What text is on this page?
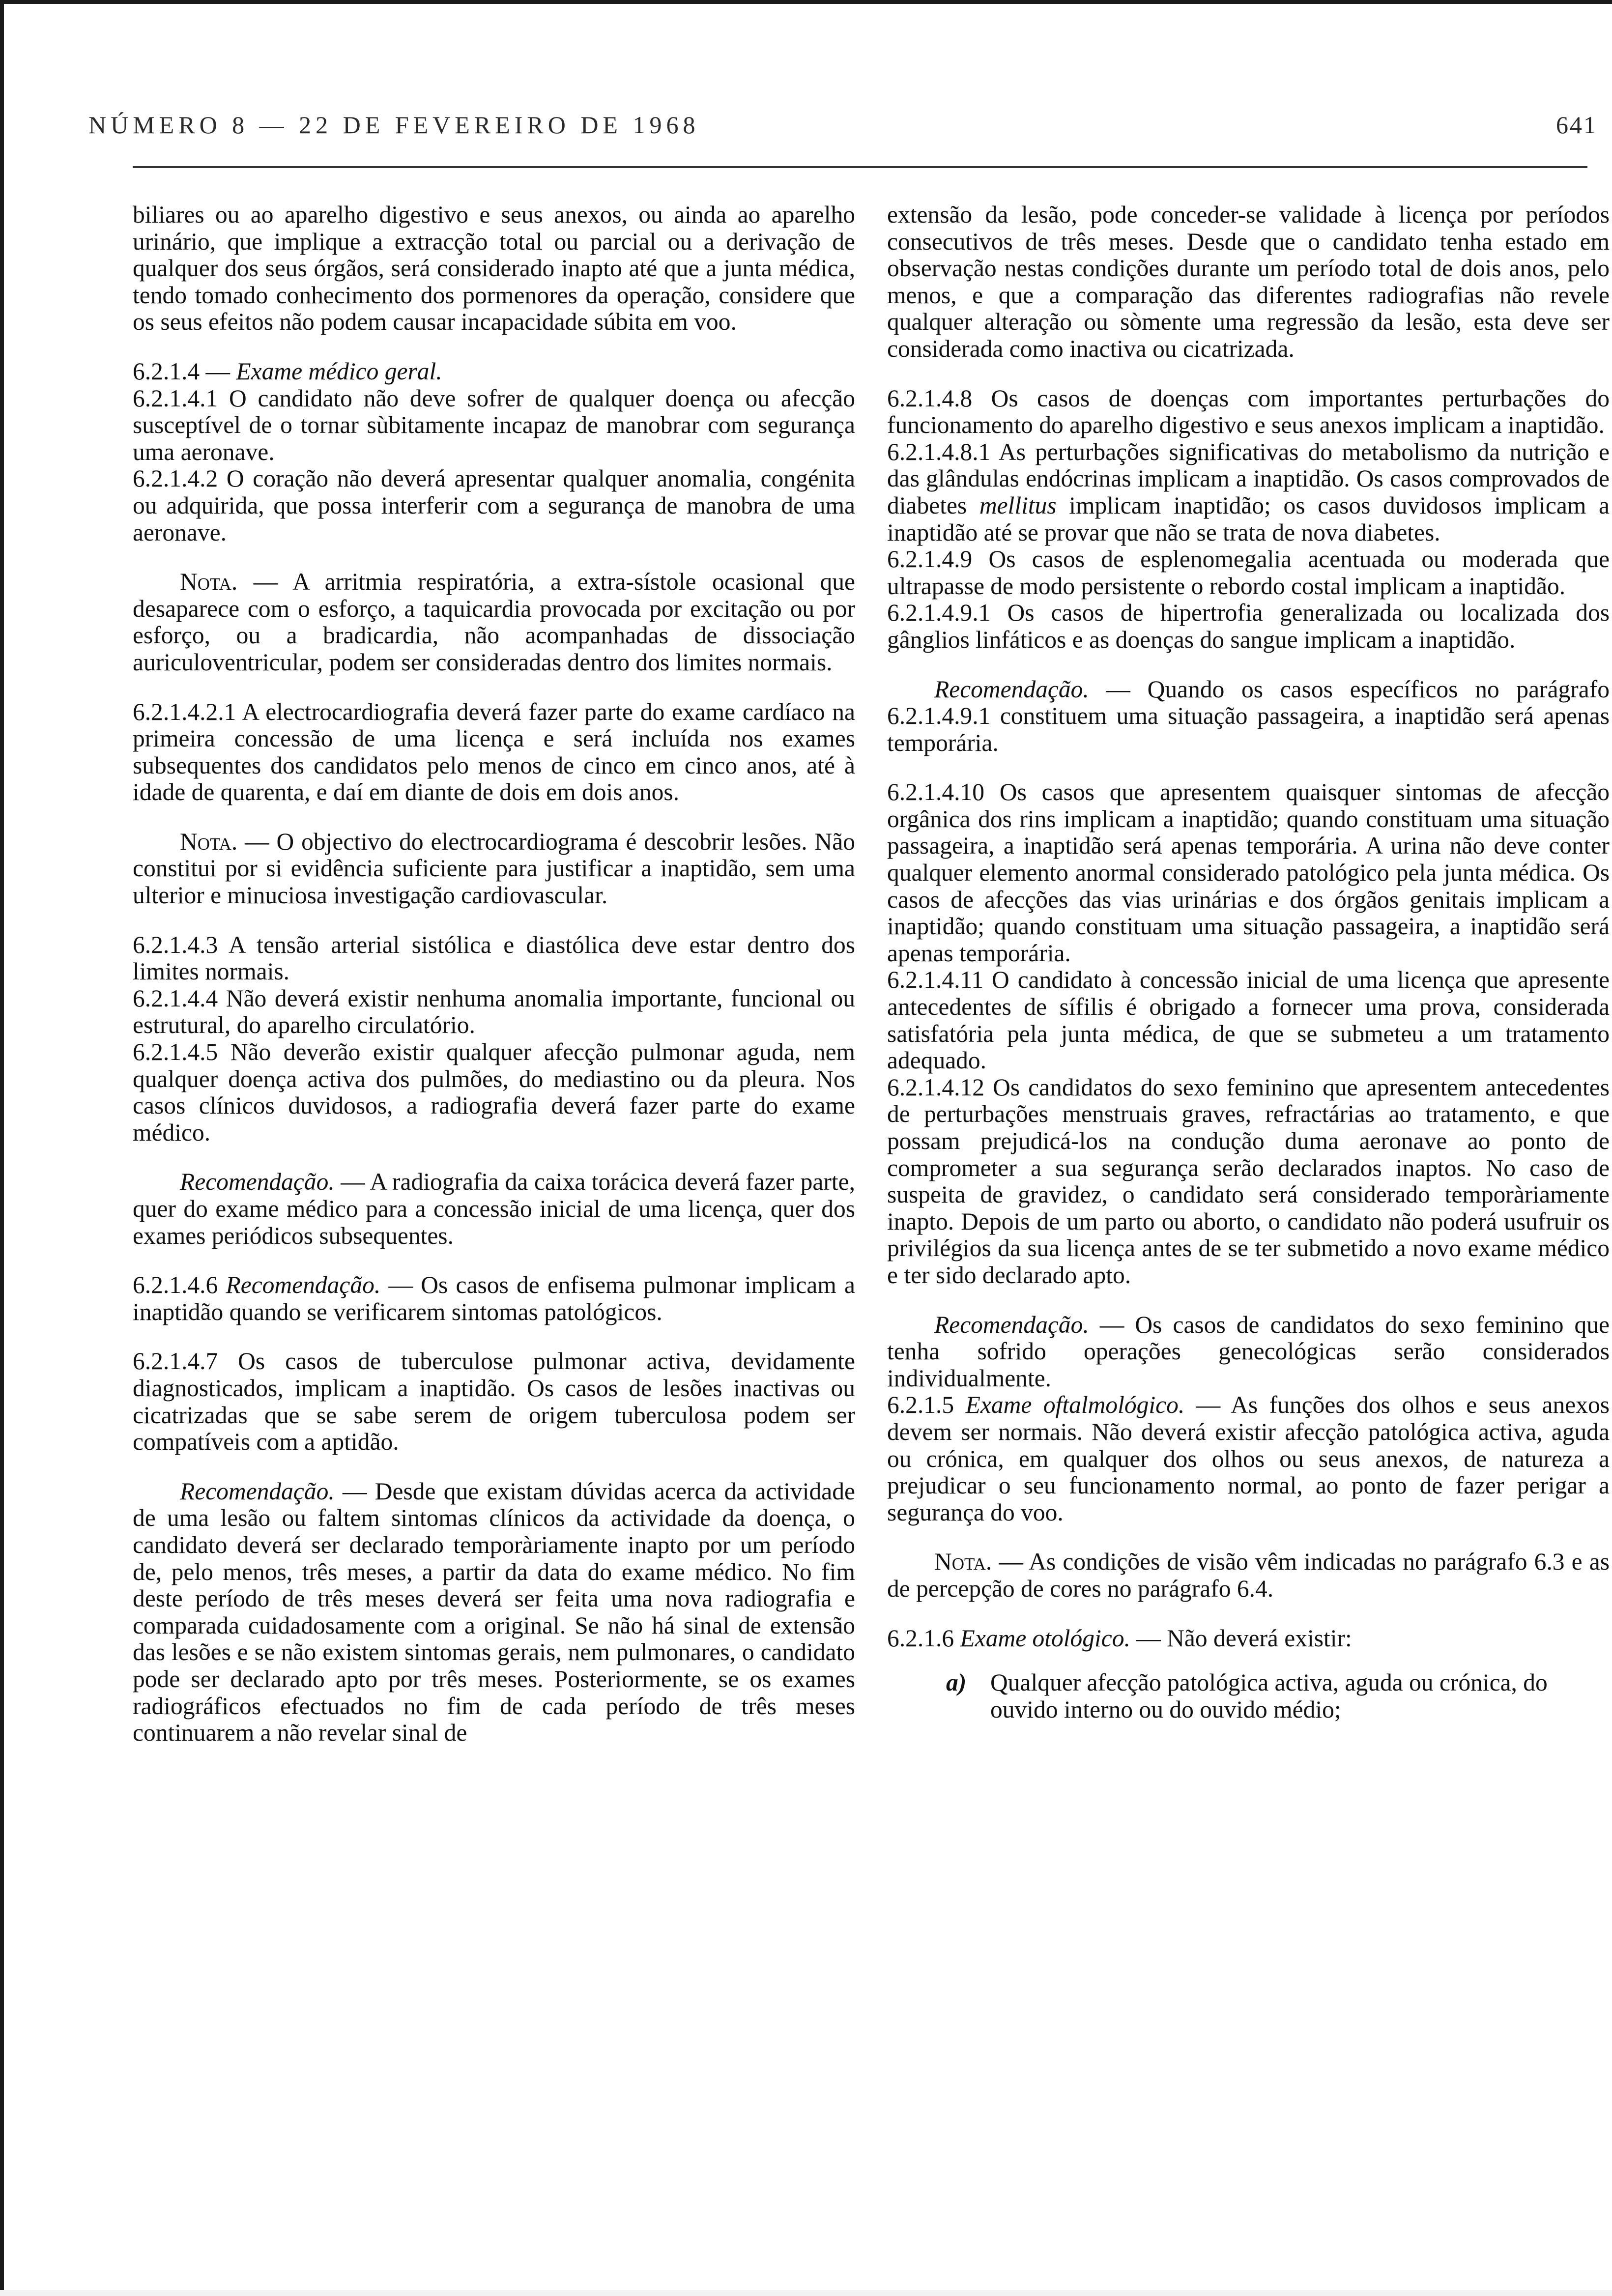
NÚMERO 8 — 22 DE FEVEREIRO DE 1968	641

biliares ou ao aparelho digestivo e seus anexos, ou ainda ao aparelho urinário, que implique a extracção total ou parcial ou a derivação de qualquer dos seus órgãos, será considerado inapto até que a junta médica, tendo tomado conhecimento dos pormenores da operação, considere que os seus efeitos não podem causar incapacidade súbita em voo.

6.2.1.4 — Exame médico geral.

6.2.1.4.1 O candidato não deve sofrer de qualquer doença ou afecção susceptível de o tornar sùbitamente incapaz de manobrar com segurança uma aeronave.

6.2.1.4.2 O coração não deverá apresentar qualquer anomalia, congénita ou adquirida, que possa interferir com a segurança de manobra de uma aeronave.

Nota. — A arritmia respiratória, a extra-sístole ocasional que desaparece com o esforço, a taquicardia provocada por excitação ou por esforço, ou a bradicardia, não acompanhadas de dissociação auriculoventricular, podem ser consideradas dentro dos limites normais.

6.2.1.4.2.1 A electrocardiografia deverá fazer parte do exame cardíaco na primeira concessão de uma licença e será incluída nos exames subsequentes dos candidatos pelo menos de cinco em cinco anos, até à idade de quarenta, e daí em diante de dois em dois anos.

Nota. — O objectivo do electrocardiograma é descobrir lesões. Não constitui por si evidência suficiente para justificar a inaptidão, sem uma ulterior e minuciosa investigação cardiovascular.

6.2.1.4.3 A tensão arterial sistólica e diastólica deve estar dentro dos limites normais.

6.2.1.4.4 Não deverá existir nenhuma anomalia importante, funcional ou estrutural, do aparelho circulatório.

6.2.1.4.5 Não deverão existir qualquer afecção pulmonar aguda, nem qualquer doença activa dos pulmões, do mediastino ou da pleura. Nos casos clínicos duvidosos, a radiografia deverá fazer parte do exame médico.

Recomendação. — A radiografia da caixa torácica deverá fazer parte, quer do exame médico para a concessão inicial de uma licença, quer dos exames periódicos subsequentes.

6.2.1.4.6 Recomendação. — Os casos de enfisema pulmonar implicam a inaptidão quando se verificarem sintomas patológicos.

6.2.1.4.7 Os casos de tuberculose pulmonar activa, devidamente diagnosticados, implicam a inaptidão. Os casos de lesões inactivas ou cicatrizadas que se sabe serem de origem tuberculosa podem ser compatíveis com a aptidão.

Recomendação. — Desde que existam dúvidas acerca da actividade de uma lesão ou faltem sintomas clínicos da actividade da doença, o candidato deverá ser declarado temporàriamente inapto por um período de, pelo menos, três meses, a partir da data do exame médico. No fim deste período de três meses deverá ser feita uma nova radiografia e comparada cuidadosamente com a original. Se não há sinal de extensão das lesões e se não existem sintomas gerais, nem pulmonares, o candidato pode ser declarado apto por três meses. Posteriormente, se os exames radiográficos efectuados no fim de cada período de três meses continuarem a não revelar sinal de

extensão da lesão, pode conceder-se validade à licença por períodos consecutivos de três meses. Desde que o candidato tenha estado em observação nestas condições durante um período total de dois anos, pelo menos, e que a comparação das diferentes radiografias não revele qualquer alteração ou sòmente uma regressão da lesão, esta deve ser considerada como inactiva ou cicatrizada.

6.2.1.4.8 Os casos de doenças com importantes perturbações do funcionamento do aparelho digestivo e seus anexos implicam a inaptidão.

6.2.1.4.8.1 As perturbações significativas do metabolismo da nutrição e das glândulas endócrinas implicam a inaptidão. Os casos comprovados de diabetes mellitus implicam inaptidão; os casos duvidosos implicam a inaptidão até se provar que não se trata de nova diabetes.

6.2.1.4.9 Os casos de esplenomegalia acentuada ou moderada que ultrapasse de modo persistente o rebordo costal implicam a inaptidão.

6.2.1.4.9.1 Os casos de hipertrofia generalizada ou localizada dos gânglios linfáticos e as doenças do sangue implicam a inaptidão.

Recomendação. — Quando os casos específicos no parágrafo 6.2.1.4.9.1 constituem uma situação passageira, a inaptidão será apenas temporária.

6.2.1.4.10 Os casos que apresentem quaisquer sintomas de afecção orgânica dos rins implicam a inaptidão; quando constituam uma situação passageira, a inaptidão será apenas temporária. A urina não deve conter qualquer elemento anormal considerado patológico pela junta médica. Os casos de afecções das vias urinárias e dos órgãos genitais implicam a inaptidão; quando constituam uma situação passageira, a inaptidão será apenas temporária.

6.2.1.4.11 O candidato à concessão inicial de uma licença que apresente antecedentes de sífilis é obrigado a fornecer uma prova, considerada satisfatória pela junta médica, de que se submeteu a um tratamento adequado.

6.2.1.4.12 Os candidatos do sexo feminino que apresentem antecedentes de perturbações menstruais graves, refractárias ao tratamento, e que possam prejudicá-los na condução duma aeronave ao ponto de comprometer a sua segurança serão declarados inaptos. No caso de suspeita de gravidez, o candidato será considerado temporàriamente inapto. Depois de um parto ou aborto, o candidato não poderá usufruir os privilégios da sua licença antes de se ter submetido a novo exame médico e ter sido declarado apto.

Recomendação. — Os casos de candidatos do sexo feminino que tenha sofrido operações genecológicas serão considerados individualmente.

6.2.1.5 Exame oftalmológico. — As funções dos olhos e seus anexos devem ser normais. Não deverá existir afecção patológica activa, aguda ou crónica, em qualquer dos olhos ou seus anexos, de natureza a prejudicar o seu funcionamento normal, ao ponto de fazer perigar a segurança do voo.

Nota. — As condições de visão vêm indicadas no parágrafo 6.3 e as de percepção de cores no parágrafo 6.4.

6.2.1.6 Exame otológico. — Não deverá existir:

a) Qualquer afecção patológica activa, aguda ou crónica, do ouvido interno ou do ouvido médio;
